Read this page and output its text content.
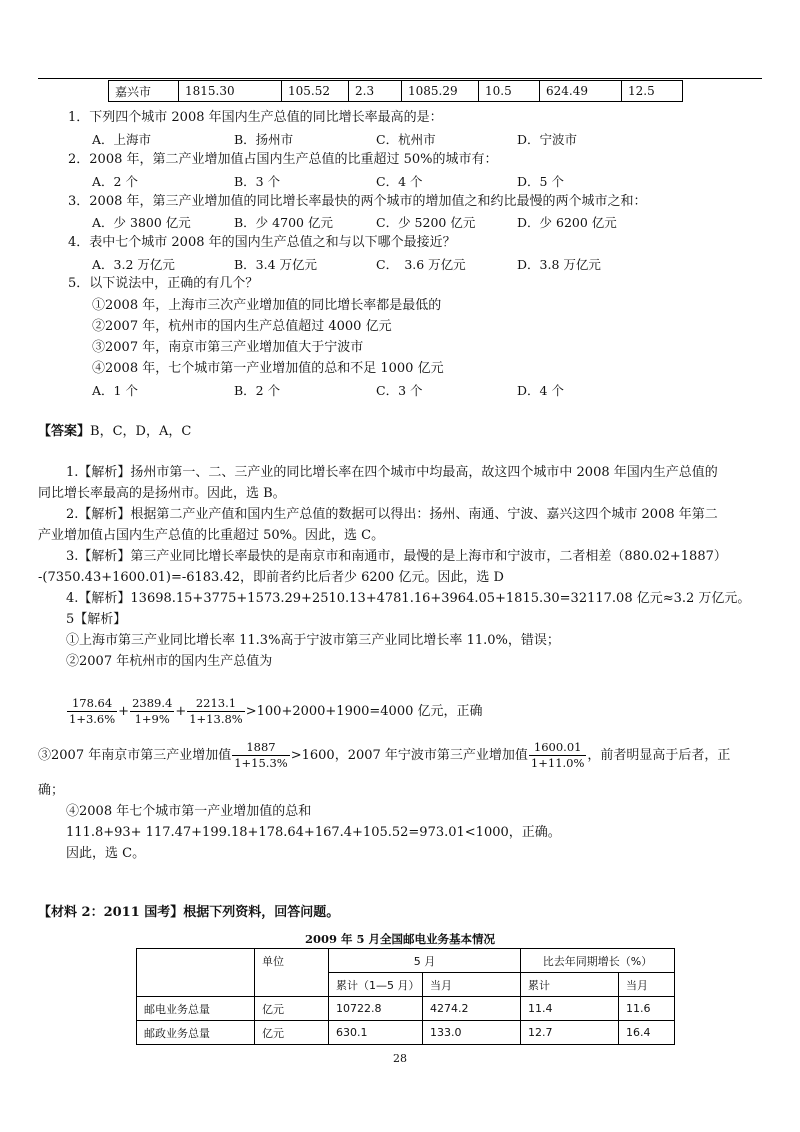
嘉兴市	1815.30	105.52	2.3	1085.29	10.5	624.49	12.5
1．下列四个城市 2008 年国内生产总值的同比增长率最高的是：
A．上海市	B．扬州市	C．杭州市	D．宁波市
2．2008 年，第二产业增加值占国内生产总值的比重超过 50%的城市有：
A．2 个	B．3 个	C．4 个	D．5 个
3．2008 年，第三产业增加值的同比增长率最快的两个城市的增加值之和约比最慢的两个城市之和：
A．少 3800 亿元	B．少 4700 亿元	C．少 5200 亿元	D．少 6200 亿元
4．表中七个城市 2008 年的国内生产总值之和与以下哪个最接近？
A．3.2 万亿元	B．3.4 万亿元	C．　3.6 万亿元	D．3.8 万亿元
5．以下说法中，正确的有几个？
①2008 年，上海市三次产业增加值的同比增长率都是最低的
②2007 年，杭州市的国内生产总值超过 4000 亿元
③2007 年，南京市第三产业增加值大于宁波市
④2008 年，七个城市第一产业增加值的总和不足 1000 亿元
A．1 个	B．2 个	C．3 个	D．4 个
【答案】B，C，D，A，C
1.【解析】扬州市第一、二、三产业的同比增长率在四个城市中均最高，故这四个城市中 2008 年国内生产总值的
同比增长率最高的是扬州市。因此，选 B。
2.【解析】根据第二产业产值和国内生产总值的数据可以得出：扬州、南通、宁波、嘉兴这四个城市 2008 年第二
产业增加值占国内生产总值的比重超过 50%。因此，选 C。
3.【解析】第三产业同比增长率最快的是南京市和南通市，最慢的是上海市和宁波市，二者相差（880.02+1887）
-(7350.43+1600.01)=-6183.42，即前者约比后者少 6200 亿元。因此，选 D
4.【解析】13698.15+3775+1573.29+2510.13+4781.16+3964.05+1815.30=32117.08 亿元≈3.2 万亿元。
5【解析】
①上海市第三产业同比增长率 11.3%高于宁波市第三产业同比增长率 11.0%，错误；
②2007 年杭州市的国内生产总值为
$\frac{178.64}{1+3.6\%} + \frac{2389.4}{1+9\%} + \frac{2213.1}{1+13.8\%} >100+2000+1900=4000$ 亿元，正确
③2007 年南京市第三产业增加值 $\frac{1887}{1+15.3\%} >1600$，2007 年宁波市第三产业增加值 $\frac{1600.01}{1+11.0\%}$ ，前者明显高于后者，正
确；
④2008 年七个城市第一产业增加值的总和
111.8+93+ 117.47+199.18+178.64+167.4+105.52=973.01<1000，正确。
因此，选 C。
【材料 2：2011 国考】根据下列资料，回答问题。
2009 年 5 月全国邮电业务基本情况
	单位	5 月		比去年同期增长（%）	
		累计（1—5 月）	当月	累计	当月
邮电业务总量	亿元	10722.8	4274.2	11.4	11.6
邮政业务总量	亿元	630.1	133.0	12.7	16.4
28
